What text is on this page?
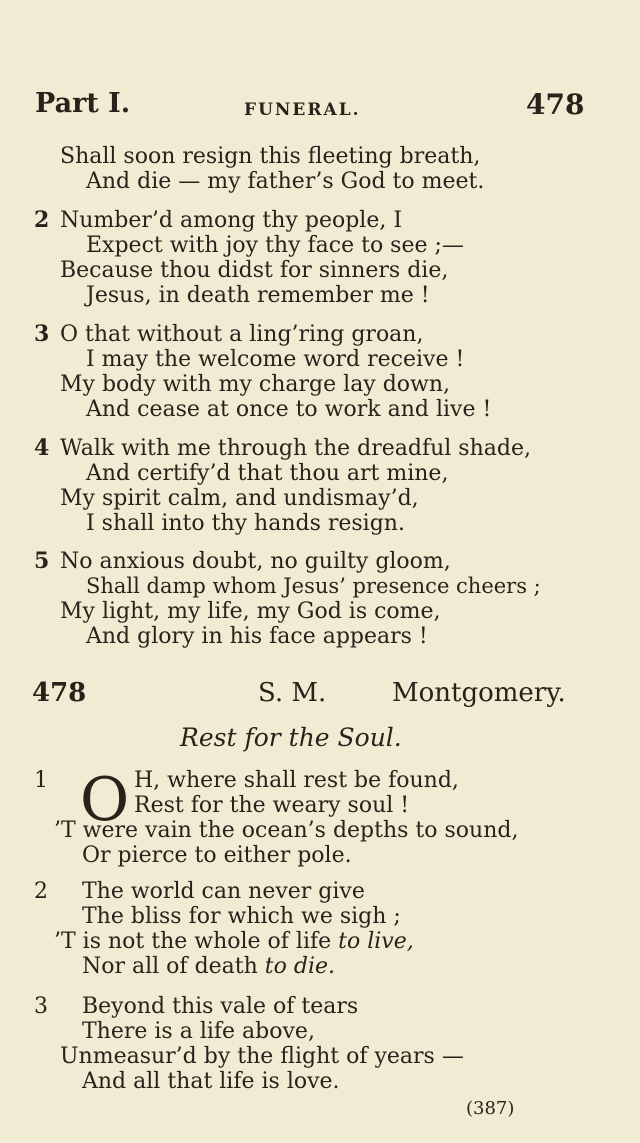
Part I.	FUNERAL.	478
Shall soon resign this fleeting breath,
And die — my father’s God to meet.
2 Number’d among thy people, I
Expect with joy thy face to see ;—
Because thou didst for sinners die,
Jesus, in death remember me !
3 O that without a ling’ring groan,
I may the welcome word receive !
My body with my charge lay down,
And cease at once to work and live !
4 Walk with me through the dreadful shade,
And certify’d that thou art mine,
My spirit calm, and undismay’d,
I shall into thy hands resign.
5 No anxious doubt, no guilty gloom,
Shall damp whom Jesus’ presence cheers ;
My light, my life, my God is come,
And glory in his face appears !
478	S. M.	Montgomery.
Rest for the Soul.
1 O H, where shall rest be found,
Rest for the weary soul !
’T were vain the ocean’s depths to sound,
Or pierce to either pole.
2 The world can never give
The bliss for which we sigh ;
’T is not the whole of life to live,
Nor all of death to die.
3 Beyond this vale of tears
There is a life above,
Unmeasur’d by the flight of years —
And all that life is love.
(387)
